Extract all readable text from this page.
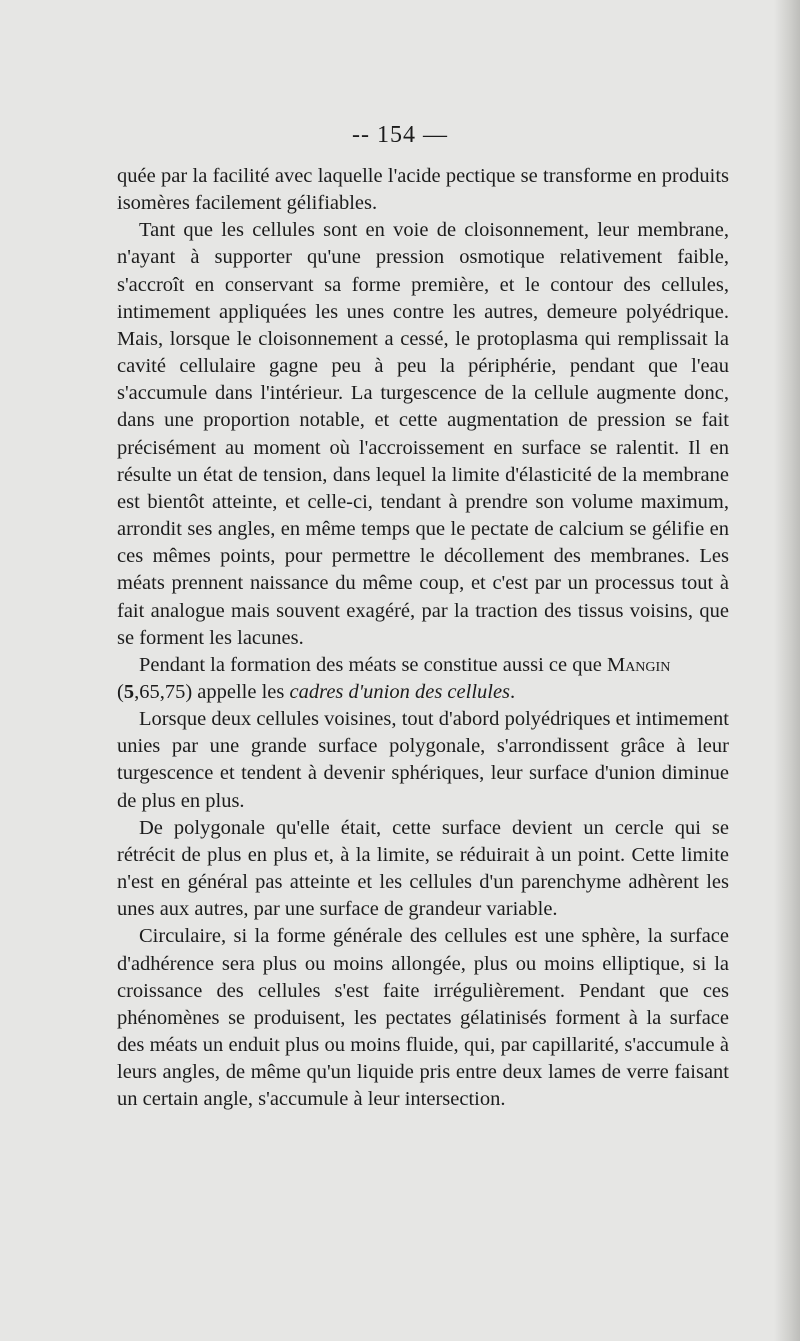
-- 154 —

quée par la facilité avec laquelle l'acide pectique se transforme en produits isomères facilement gélifiables.

Tant que les cellules sont en voie de cloisonnement, leur membrane, n'ayant à supporter qu'une pression osmotique relativement faible, s'accroît en conservant sa forme première, et le contour des cellules, intimement appliquées les unes contre les autres, demeure polyédrique. Mais, lorsque le cloisonnement a cessé, le protoplasma qui remplissait la cavité cellulaire gagne peu à peu la périphérie, pendant que l'eau s'accumule dans l'intérieur. La turgescence de la cellule augmente donc, dans une proportion notable, et cette augmentation de pression se fait précisément au moment où l'accroissement en surface se ralentit. Il en résulte un état de tension, dans lequel la limite d'élasticité de la membrane est bientôt atteinte, et celle-ci, tendant à prendre son volume maximum, arrondit ses angles, en même temps que le pectate de calcium se gélifie en ces mêmes points, pour permettre le décollement des membranes. Les méats prennent naissance du même coup, et c'est par un processus tout à fait analogue mais souvent exagéré, par la traction des tissus voisins, que se forment les lacunes.

Pendant la formation des méats se constitue aussi ce que Mangin
(5,65,75) appelle les cadres d'union des cellules.

Lorsque deux cellules voisines, tout d'abord polyédriques et intimement unies par une grande surface polygonale, s'arrondissent grâce à leur turgescence et tendent à devenir sphériques, leur surface d'union diminue de plus en plus.

De polygonale qu'elle était, cette surface devient un cercle qui se rétrécit de plus en plus et, à la limite, se réduirait à un point. Cette limite n'est en général pas atteinte et les cellules d'un parenchyme adhèrent les unes aux autres, par une surface de grandeur variable.

Circulaire, si la forme générale des cellules est une sphère, la surface d'adhérence sera plus ou moins allongée, plus ou moins elliptique, si la croissance des cellules s'est faite irrégulièrement. Pendant que ces phénomènes se produisent, les pectates gélatinisés forment à la surface des méats un enduit plus ou moins fluide, qui, par capillarité, s'accumule à leurs angles, de même qu'un liquide pris entre deux lames de verre faisant un certain angle, s'accumule à leur intersection.
